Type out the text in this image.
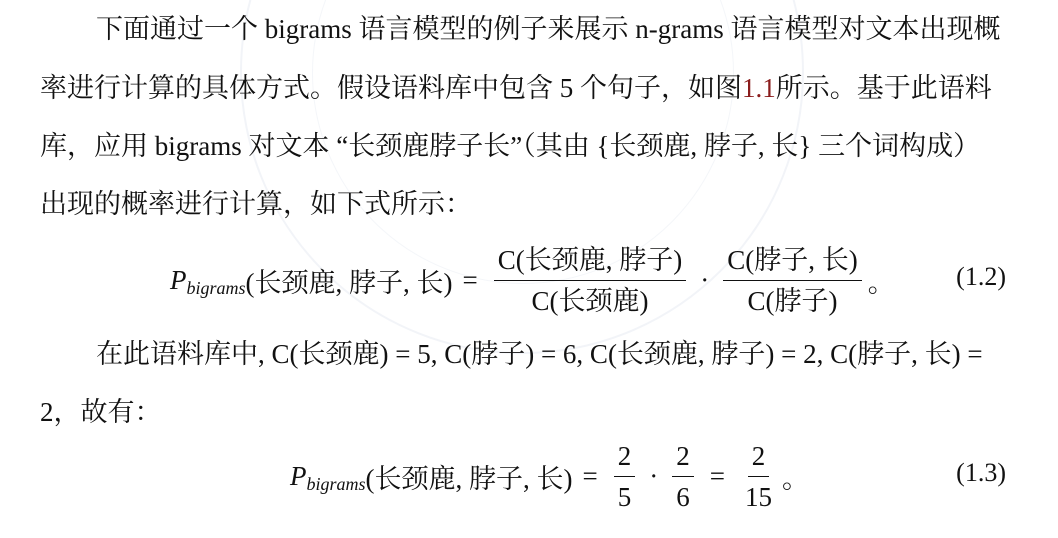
下面通过一个 bigrams 语言模型的例子来展示 n-grams 语言模型对文本出现概
率进行计算的具体方式。假设语料库中包含 5 个句子，如图1.1所示。基于此语料
库，应用 bigrams 对文本 “长颈鹿脖子长”（其由 {长颈鹿, 脖子, 长} 三个词构成）
出现的概率进行计算，如下式所示：
P bigrams (长颈鹿, 脖子, 长) = $\frac{\text{C(长颈鹿, 脖子)}}{\text{C(长颈鹿)}} \cdot \frac{\text{C(脖子, 长)}}{\text{C(脖子)}}$ 。 (1.2)
在此语料库中, C(长颈鹿) = 5, C(脖子) = 6, C(长颈鹿, 脖子) = 2, C(脖子, 长) =
2，故有：
P bigrams (长颈鹿, 脖子, 长) = $\frac{2}{5} \cdot \frac{2}{6} = \frac{2}{15}$ 。	(1.3)
